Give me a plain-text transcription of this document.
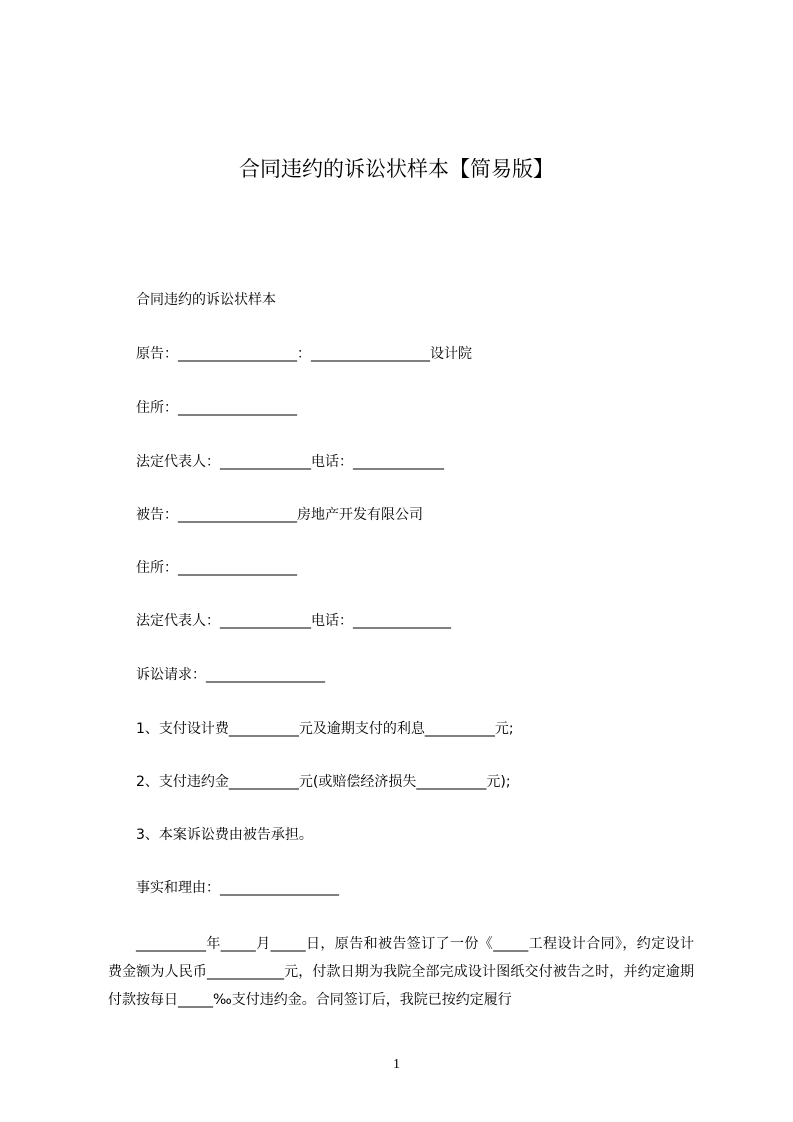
合同违约的诉讼状样本【简易版】

合同违约的诉讼状样本

原告：_________________：_________________设计院

住所：_________________

法定代表人：_____________电话：_____________

被告：_________________房地产开发有限公司

住所：_________________

法定代表人：_____________电话：______________

诉讼请求：_________________

1、支付设计费__________元及逾期支付的利息__________元;

2、支付违约金__________元(或赔偿经济损失__________元);

3、本案诉讼费由被告承担。

事实和理由：_________________

__________年_____月_____日，原告和被告签订了一份《_____工程设计合同》，约定设计费金额为人民币___________元，付款日期为我院全部完成设计图纸交付被告之时，并约定逾期付款按每日_____‰支付违约金。合同签订后，我院已按约定履行

1
